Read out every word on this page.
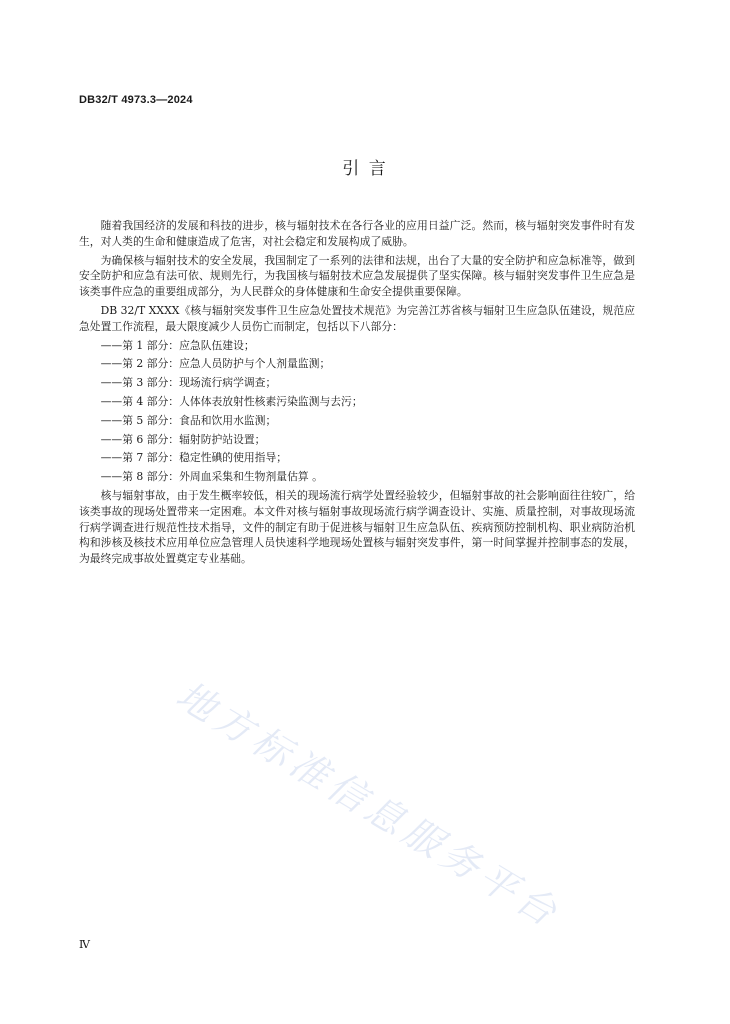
DB32/T 4973.3—2024
引 言

随着我国经济的发展和科技的进步，核与辐射技术在各行各业的应用日益广泛。然而，核与辐射突发事件时有发生，对人类的生命和健康造成了危害，对社会稳定和发展构成了威胁。

为确保核与辐射技术的安全发展，我国制定了一系列的法律和法规，出台了大量的安全防护和应急标准等，做到安全防护和应急有法可依、规则先行，为我国核与辐射技术应急发展提供了坚实保障。核与辐射突发事件卫生应急是该类事件应急的重要组成部分，为人民群众的身体健康和生命安全提供重要保障。

DB 32/T XXXX《核与辐射突发事件卫生应急处置技术规范》为完善江苏省核与辐射卫生应急队伍建设，规范应急处置工作流程，最大限度减少人员伤亡而制定，包括以下八部分：

——第 1 部分：应急队伍建设；
——第 2 部分：应急人员防护与个人剂量监测；
——第 3 部分：现场流行病学调查；
——第 4 部分：人体体表放射性核素污染监测与去污；
——第 5 部分：食品和饮用水监测；
——第 6 部分：辐射防护站设置；
——第 7 部分：稳定性碘的使用指导；
——第 8 部分：外周血采集和生物剂量估算 。

核与辐射事故，由于发生概率较低，相关的现场流行病学处置经验较少，但辐射事故的社会影响面往往较广，给该类事故的现场处置带来一定困难。本文件对核与辐射事故现场流行病学调查设计、实施、质量控制，对事故现场流行病学调查进行规范性技术指导，文件的制定有助于促进核与辐射卫生应急队伍、疾病预防控制机构、职业病防治机构和涉核及核技术应用单位应急管理人员快速科学地现场处置核与辐射突发事件，第一时间掌握并控制事态的发展，为最终完成事故处置奠定专业基础。

地方标准信息服务平台
Ⅳ
